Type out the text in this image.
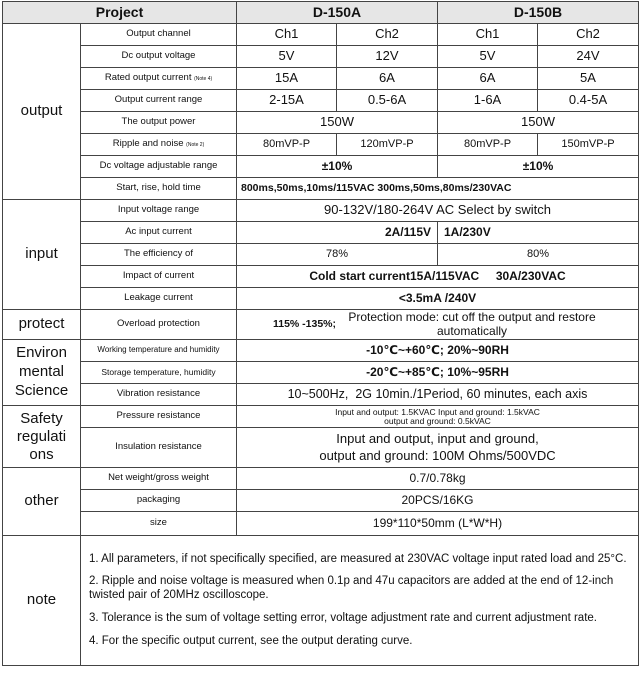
Project		D-150A		D-150B	
output	Output channel	Ch1	Ch2	Ch1	Ch2
	Dc output voltage	5V	12V	5V	24V
	Rated output current (Note 4)	15A	6A	6A	5A
	Output current range	2-15A	0.5-6A	1-6A	0.4-5A
	The output power	150W		150W	
	Ripple and noise (Note 2)	80mVP-P	120mVP-P	80mVP-P	150mVP-P
	Dc voltage adjustable range	±10%		±10%	
	Start, rise, hold time	800ms,50ms,10ms/115VAC 300ms,50ms,80ms/230VAC			
input	Input voltage range	90-132V/180-264V AC Select by switch			
	Ac input current	2A/115V		1A/230V	
	The efficiency of	78%		80%	
	Impact of current	Cold start current15A/115VAC     30A/230VAC			
	Leakage current	<3.5mA /240V			
protect	Overload protection	115% -135%; Protection mode: cut off the output and restore automatically			

Environ mental Science	Working temperature and humidity	-10℃~+60℃; 20%~90RH			
	Storage temperature, humidity	-20℃~+85℃; 10%~95RH			
	Vibration resistance	10~500Hz,  2G 10min./1Period, 60 minutes, each axis			
Safety regulati ons	Pressure resistance	Input and output: 1.5KVAC Input and ground: 1.5kVAC
output and ground: 0.5kVAC			

	Insulation resistance	Input and output, input and ground,
output and ground: 100M Ohms/500VDC			

other	Net weight/gross weight	0.7/0.78kg			
	packaging	20PCS/16KG			
	size	199*110*50mm (L*W*H)			
note	1. All parameters, if not specifically specified, are measured at 230VAC voltage input rated load and 25°C.

2. Ripple and noise voltage is measured when 0.1p and 47u capacitors are added at the end of 12-inch twisted pair of 20MHz oscilloscope.

3. Tolerance is the sum of voltage setting error, voltage adjustment rate and current adjustment rate.

4. For the specific output current, see the output derating curve.				
